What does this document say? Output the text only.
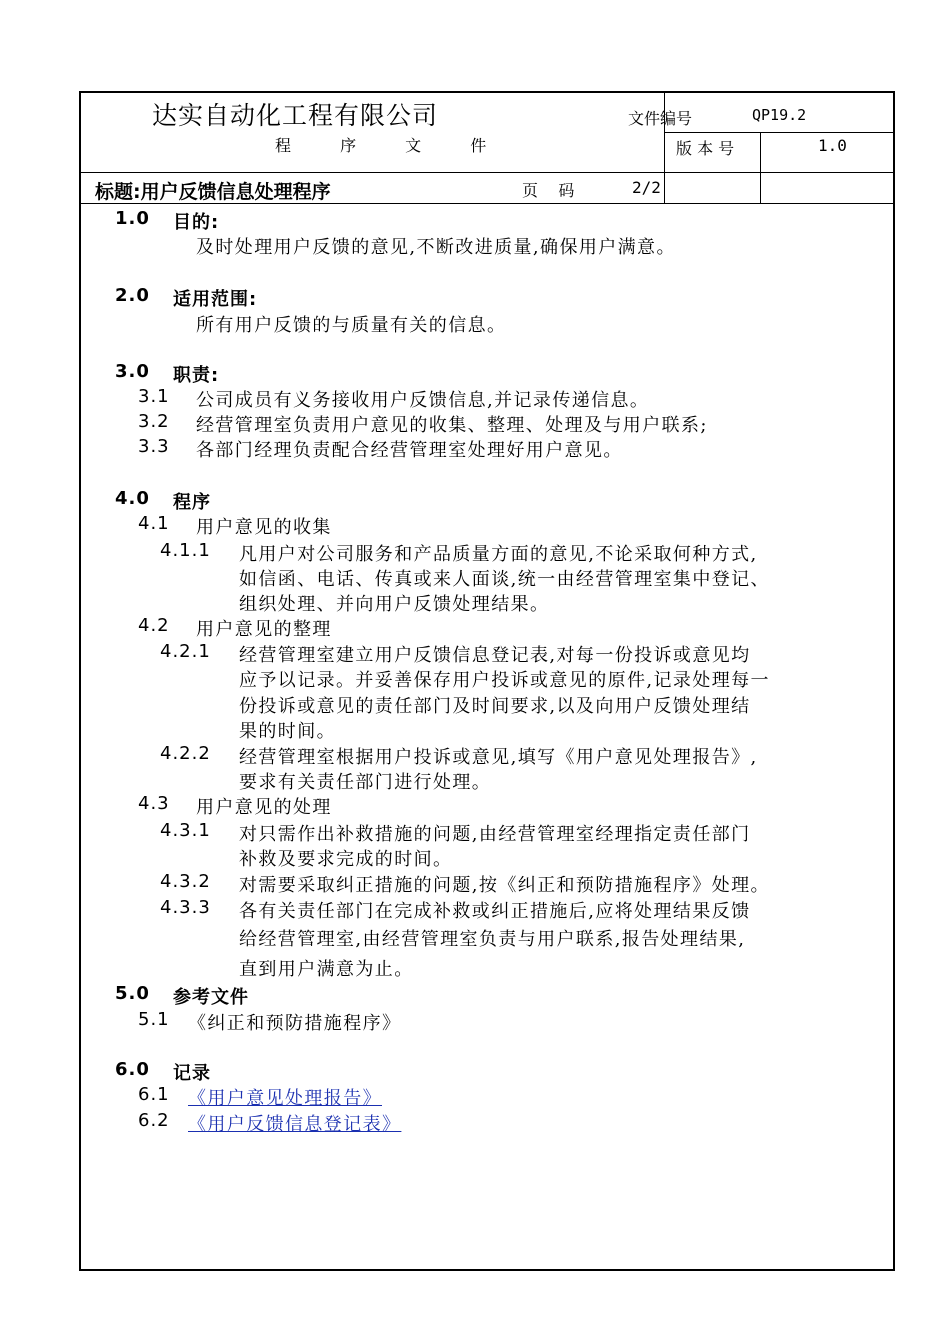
达实自动化工程有限公司
程 序 文 件
文件编号	QP19.2
版 本 号	1.0
标题:用户反馈信息处理程序	页    码	2/2
1.0 目的:
及时处理用户反馈的意见,不断改进质量,确保用户满意。
2.0 适用范围:
所有用户反馈的与质量有关的信息。
3.0 职责:
3.1 公司成员有义务接收用户反馈信息,并记录传递信息。
3.2 经营管理室负责用户意见的收集、整理、处理及与用户联系;
3.3 各部门经理负责配合经营管理室处理好用户意见。
4.0 程序
4.1 用户意见的收集
4.1.1 凡用户对公司服务和产品质量方面的意见,不论采取何种方式,
如信函、电话、传真或来人面谈,统一由经营管理室集中登记、
组织处理、并向用户反馈处理结果。
4.2 用户意见的整理
4.2.1 经营管理室建立用户反馈信息登记表,对每一份投诉或意见均
应予以记录。并妥善保存用户投诉或意见的原件,记录处理每一
份投诉或意见的责任部门及时间要求,以及向用户反馈处理结
果的时间。
4.2.2 经营管理室根据用户投诉或意见,填写《用户意见处理报告》,
要求有关责任部门进行处理。
4.3 用户意见的处理
4.3.1 对只需作出补救措施的问题,由经营管理室经理指定责任部门
补救及要求完成的时间。
4.3.2 对需要采取纠正措施的问题,按《纠正和预防措施程序》处理。
4.3.3 各有关责任部门在完成补救或纠正措施后,应将处理结果反馈
给经营管理室,由经营管理室负责与用户联系,报告处理结果,
直到用户满意为止。
5.0 参考文件
5.1 《纠正和预防措施程序》
6.0 记录
6.1 《用户意见处理报告》
6.2 《用户反馈信息登记表》
